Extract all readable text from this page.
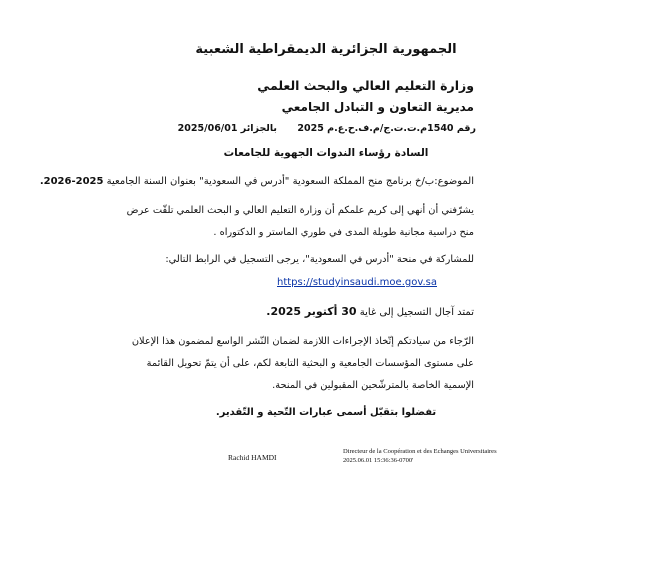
الجمهورية الجزائرية الديمقراطية الشعبية
وزارة التعليم العالي والبحث العلمي
مديرية التعاون و التبادل الجامعي
رقم 1540م.ت.ت.ج/م.ف.ح.ع.م 2025
بالجزائر 2025/06/01
السادة رؤساء الندوات الجهوية للجامعات
الموضوع:ب/خ برنامج منح المملكة السعودية "أدرس في السعودية" بعنوان السنة الجامعية 2025-2026.
يشرّفني أن أنهي إلى كريم علمكم أن وزارة التعليم العالي و البحث العلمي تلقّت عرض منح دراسية مجانية طويلة المدى في طوري الماستر و الدكتوراه .
للمشاركة في منحة "أدرس في السعودية"، يرجى التسجيل في الرابط التالي:
https://studyinsaudi.moe.gov.sa
تمتد آجال التسجيل إلى غاية 30 أكتوبر 2025.
الرّجاء من سيادتكم إتّخاذ الإجراءات اللازمة لضمان النّشر الواسع لمضمون هذا الإعلان على مستوى المؤسسات الجامعية و البحثية التابعة لكم، على أن يتمّ تحويل القائمة الإسمية الخاصة بالمترشّحين المقبولين في المنحة.
تفضلوا بتقبّل أسمى عبارات التّحية و التّقدير.
Rachid HAMDI
Directeur de la Coopération et des Echanges Universitaires
2025.06.01 15:36:36-0700'
